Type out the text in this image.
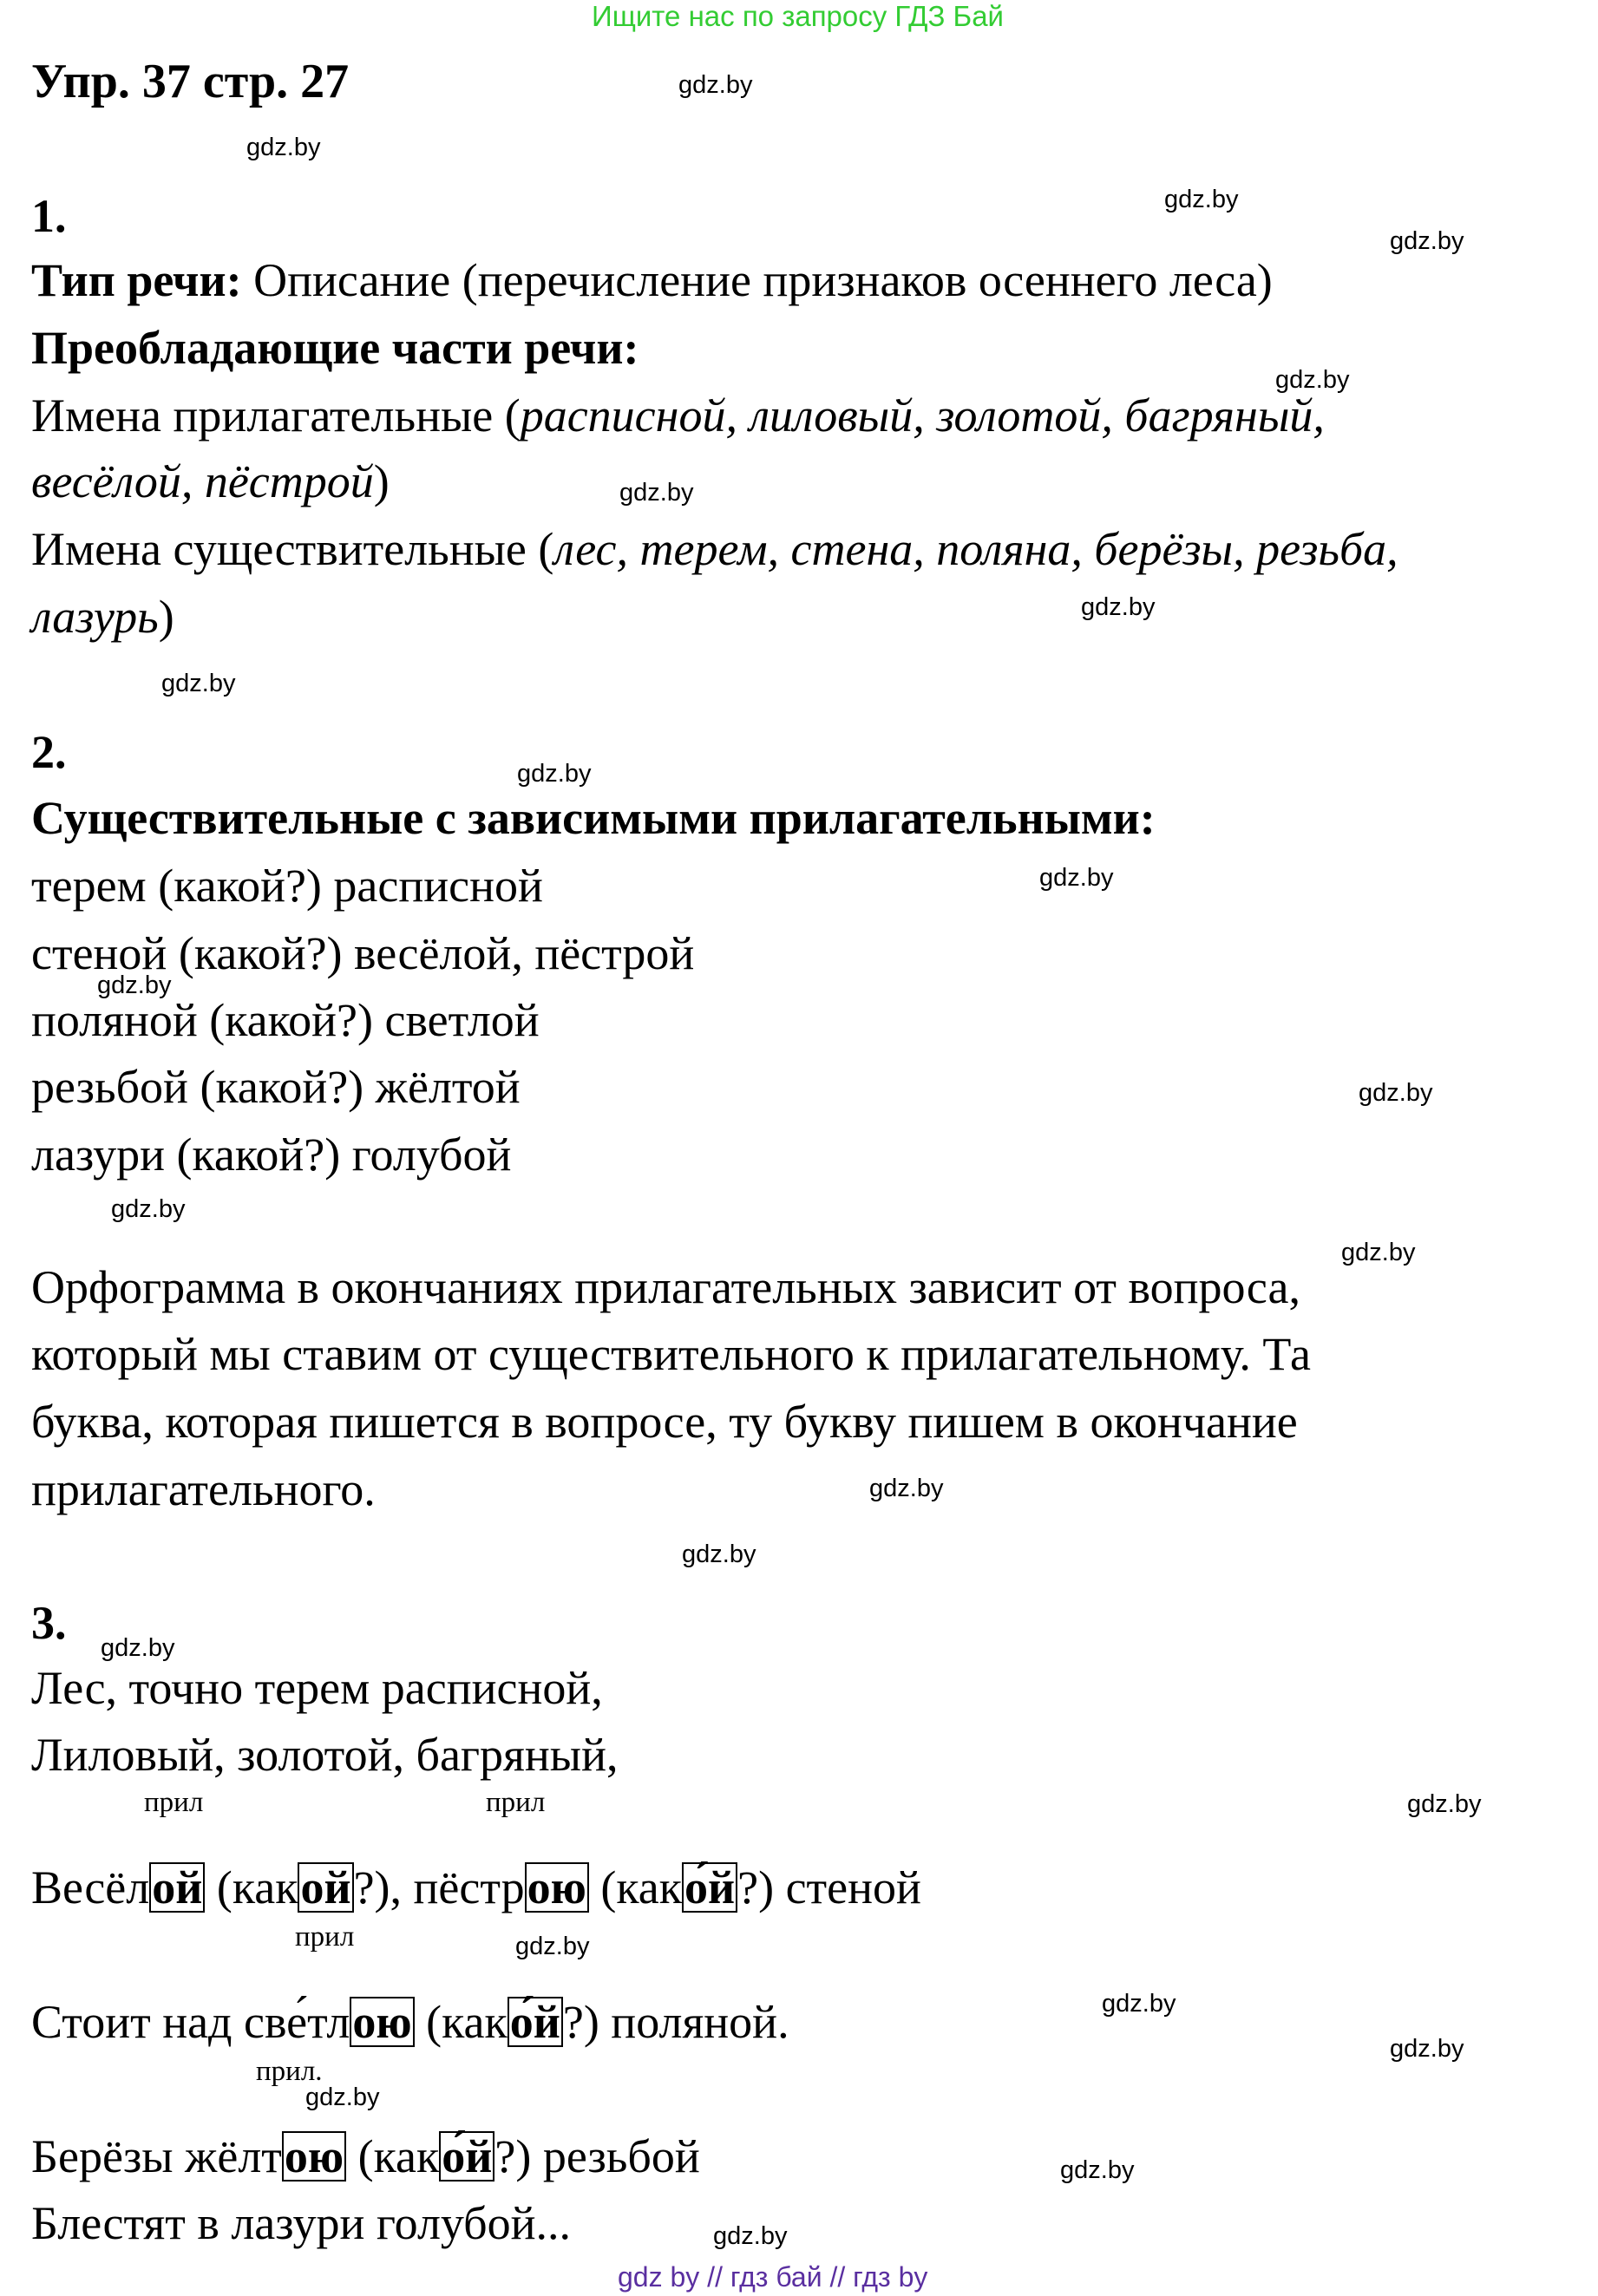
Ищите нас по запросу ГДЗ Бай
Упр. 37 стр. 27
1.
Тип речи: Описание (перечисление признаков осеннего леса)
Преобладающие части речи:
Имена прилагательные (расписной, лиловый, золотой, багряный,
весёлой, пёстрой)
Имена существительные (лес, терем, стена, поляна, берёзы, резьба,
лазурь)
2.
Существительные с зависимыми прилагательными:
терем (какой?) расписной
стеной (какой?) весёлой, пёстрой
поляной (какой?) светлой
резьбой (какой?) жёлтой
лазури (какой?) голубой
Орфограмма в окончаниях прилагательных зависит от вопроса,
который мы ставим от существительного к прилагательному. Та
буква, которая пишется в вопросе, ту букву пишем в окончание
прилагательного.
3.
Лес, точно терем расписной,
Лиловый, золотой, багряный,
прил	прил
Весёлой (какой?), пёстрою (како́й?) стеной
прил
Стоит над све́тлою (како́й?) поляной.
прил.
Берёзы жёлтою (како́й?) резьбой
Блестят в лазури голубой...
gdz.by
gdz.by
gdz.by
gdz.by
gdz.by
gdz.by
gdz.by
gdz.by
gdz.by
gdz.by
gdz.by
gdz.by
gdz.by
gdz.by
gdz.by
gdz.by
gdz.by
gdz.by
gdz.by
gdz.by
gdz.by
gdz.by
gdz.by
gdz.by
gdz by // гдз бай // гдз by
